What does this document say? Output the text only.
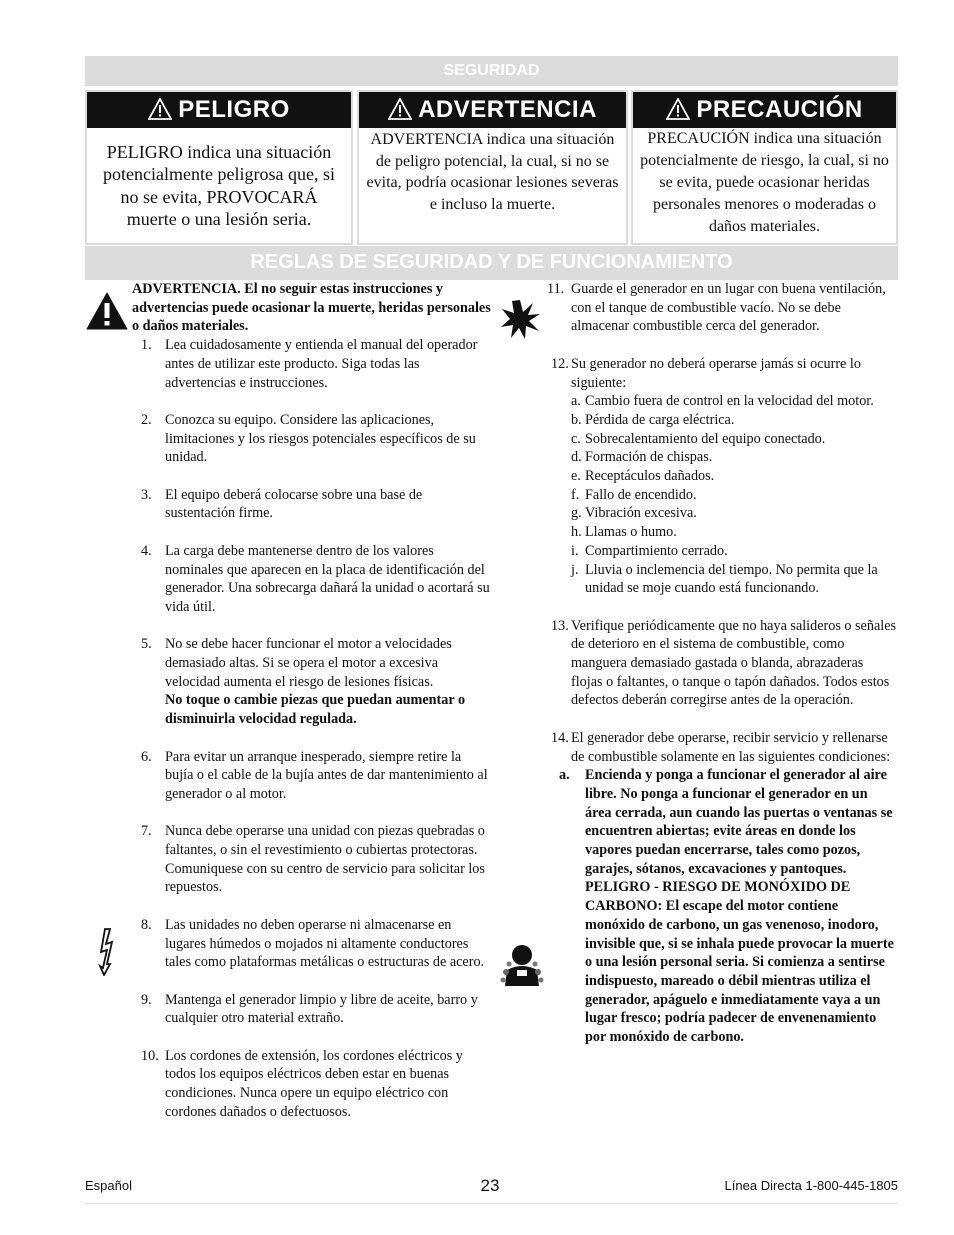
SEGURIDAD
PELIGRO
PELIGRO indica una situación potencialmente peligrosa que, si no se evita, PROVOCARÁ muerte o una lesión seria.
ADVERTENCIA
ADVERTENCIA indica una situación de peligro potencial, la cual, si no se evita, podría ocasionar lesiones severas e incluso la muerte.
PRECAUCIÓN
PRECAUCIÓN indica una situación potencialmente de riesgo, la cual, si no se evita, puede ocasionar heridas personales menores o moderadas o daños materiales.
REGLAS DE SEGURIDAD Y DE FUNCIONAMIENTO
ADVERTENCIA. El no seguir estas instrucciones y advertencias puede ocasionar la muerte, heridas personales o daños materiales.
1. Lea cuidadosamente y entienda el manual del operador antes de utilizar este producto. Siga todas las advertencias e instrucciones.
2. Conozca su equipo. Considere las aplicaciones, limitaciones y los riesgos potenciales específicos de su unidad.
3. El equipo deberá colocarse sobre una base de sustentación firme.
4. La carga debe mantenerse dentro de los valores nominales que aparecen en la placa de identificación del generador. Una sobrecarga dañará la unidad o acortará su vida útil.
5. No se debe hacer funcionar el motor a velocidades demasiado altas. Si se opera el motor a excesiva velocidad aumenta el riesgo de lesiones físicas.
No toque o cambie piezas que puedan aumentar o disminuirla velocidad regulada.
6. Para evitar un arranque inesperado, siempre retire la bujía o el cable de la bujía antes de dar mantenimiento al generador o al motor.
7. Nunca debe operarse una unidad con piezas quebradas o faltantes, o sin el revestimiento o cubiertas protectoras. Comuniquese con su centro de servicio para solicitar los repuestos.
8. Las unidades no deben operarse ni almacenarse en lugares húmedos o mojados ni altamente conductores tales como plataformas metálicas o estructuras de acero.
9. Mantenga el generador limpio y libre de aceite, barro y cualquier otro material extraño.
10. Los cordones de extensión, los cordones eléctricos y todos los equipos eléctricos deben estar en buenas condiciones. Nunca opere un equipo eléctrico con cordones dañados o defectuosos.
11. Guarde el generador en un lugar con buena ventilación, con el tanque de combustible vacío. No se debe almacenar combustible cerca del generador.
12. Su generador no deberá operarse jamás si ocurre lo siguiente:
a. Cambio fuera de control en la velocidad del motor.
b. Pérdida de carga eléctrica.
c. Sobrecalentamiento del equipo conectado.
d. Formación de chispas.
e. Receptáculos dañados.
f. Fallo de encendido.
g. Vibración excesiva.
h. Llamas o humo.
i. Compartimiento cerrado.
j. Lluvia o inclemencia del tiempo. No permita que la unidad se moje cuando está funcionando.
13. Verifique periódicamente que no haya salideros o señales de deterioro en el sistema de combustible, como manguera demasiado gastada o blanda, abrazaderas flojas o faltantes, o tanque o tapón dañados. Todos estos defectos deberán corregirse antes de la operación.
14. El generador debe operarse, recibir servicio y rellenarse de combustible solamente en las siguientes condiciones:
a. Encienda y ponga a funcionar el generador al aire libre. No ponga a funcionar el generador en un área cerrada, aun cuando las puertas o ventanas se encuentren abiertas; evite áreas en donde los vapores puedan encerrarse, tales como pozos, garajes, sótanos, excavaciones y pantoques. PELIGRO - RIESGO DE MONÓXIDO DE CARBONO: El escape del motor contiene monóxido de carbono, un gas venenoso, inodoro, invisible que, si se inhala puede provocar la muerte o una lesión personal seria. Si comienza a sentirse indispuesto, mareado o débil mientras utiliza el generador, apáguelo e inmediatamente vaya a un lugar fresco; podría padecer de envenenamiento por monóxido de carbono.
Español	23	Línea Directa 1-800-445-1805
